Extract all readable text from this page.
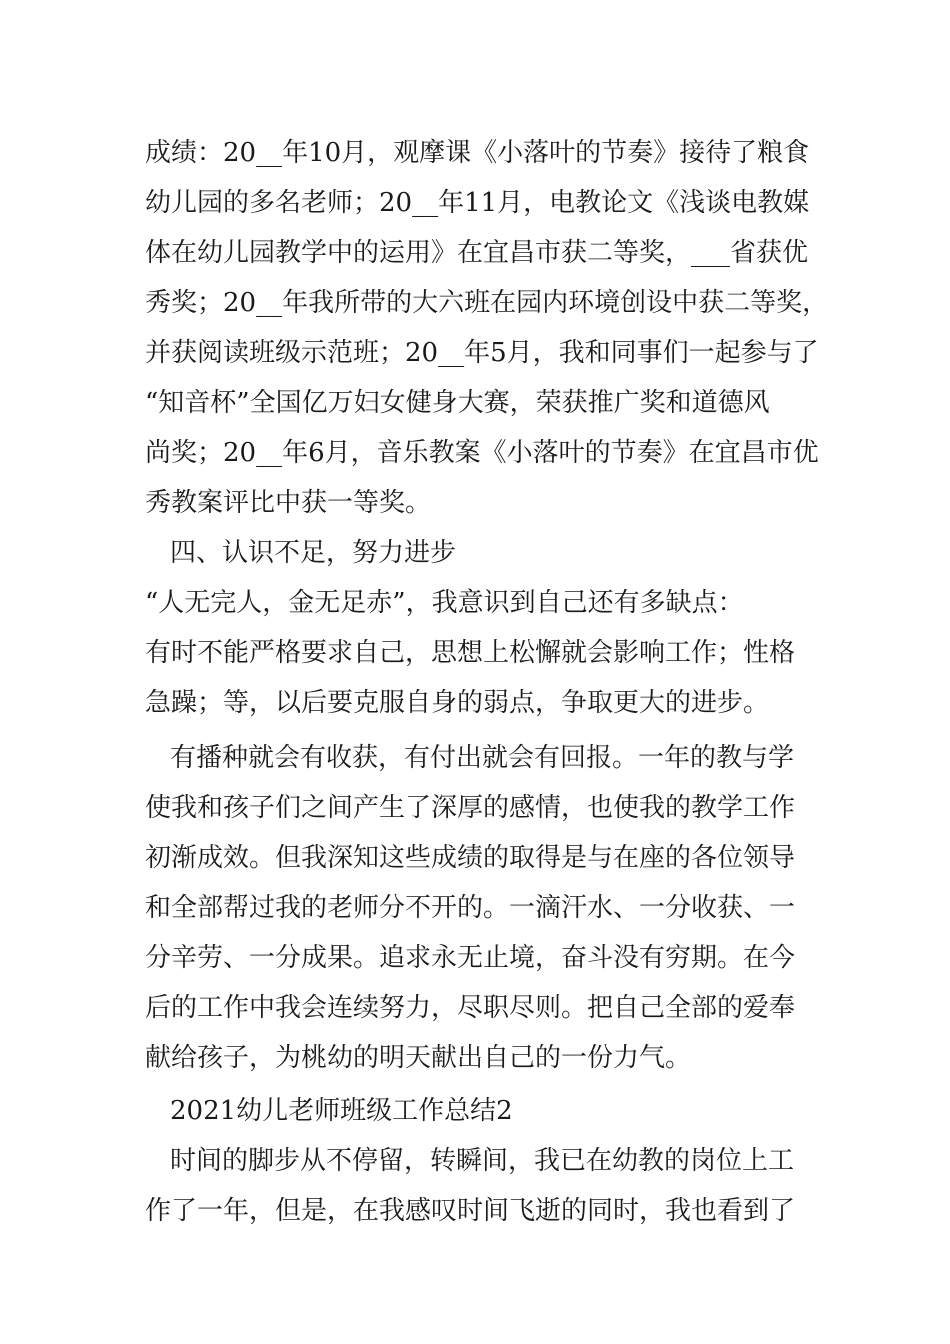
成绩：20__年10月，观摩课《小落叶的节奏》接待了粮食
幼儿园的多名老师；20__年11月，电教论文《浅谈电教媒
体在幼儿园教学中的运用》在宜昌市获二等奖，___省获优
秀奖；20__年我所带的大六班在园内环境创设中获二等奖，
并获阅读班级示范班；20__年5月，我和同事们一起参与了
“知音杯”全国亿万妇女健身大赛，荣获推广奖和道德风
尚奖；20__年6月，音乐教案《小落叶的节奏》在宜昌市优
秀教案评比中获一等奖。
四、认识不足，努力进步
“人无完人，金无足赤”，我意识到自己还有多缺点：
有时不能严格要求自己，思想上松懈就会影响工作；性格
急躁；等，以后要克服自身的弱点，争取更大的进步。
有播种就会有收获，有付出就会有回报。一年的教与学
使我和孩子们之间产生了深厚的感情，也使我的教学工作
初渐成效。但我深知这些成绩的取得是与在座的各位领导
和全部帮过我的老师分不开的。一滴汗水、一分收获、一
分辛劳、一分成果。追求永无止境，奋斗没有穷期。在今
后的工作中我会连续努力，尽职尽则。把自己全部的爱奉
献给孩子，为桃幼的明天献出自己的一份力气。
2021幼儿老师班级工作总结2
时间的脚步从不停留，转瞬间，我已在幼教的岗位上工
作了一年，但是，在我感叹时间飞逝的同时，我也看到了
